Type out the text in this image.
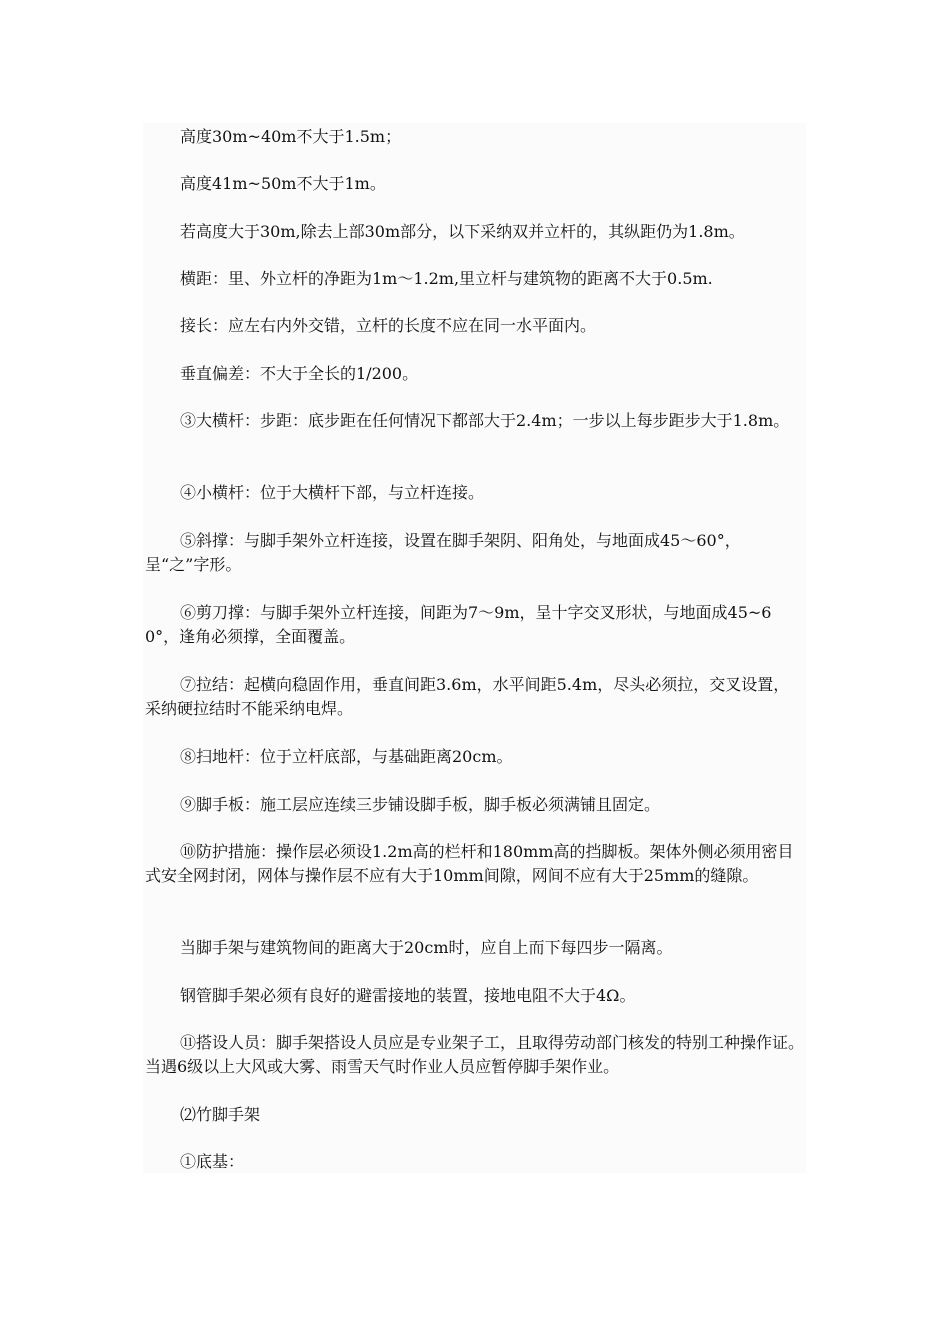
高度30m~40m不大于1.5m；

高度41m~50m不大于1m。

若高度大于30m,除去上部30m部分，以下采纳双并立杆的，其纵距仍为1.8m。

横距：里、外立杆的净距为1m～1.2m,里立杆与建筑物的距离不大于0.5m.

接长：应左右内外交错，立杆的长度不应在同一水平面内。

垂直偏差：不大于全长的1/200。

③大横杆：步距：底步距在任何情况下都部大于2.4m；一步以上每步距步大于1.8m。

④小横杆：位于大横杆下部，与立杆连接。

⑤斜撑：与脚手架外立杆连接，设置在脚手架阴、阳角处，与地面成45～60°，呈“之”字形。

⑥剪刀撑：与脚手架外立杆连接，间距为7～9m，呈十字交叉形状，与地面成45~60°，逢角必须撑，全面覆盖。

⑦拉结：起横向稳固作用，垂直间距3.6m，水平间距5.4m，尽头必须拉，交叉设置，采纳硬拉结时不能采纳电焊。

⑧扫地杆：位于立杆底部，与基础距离20cm。

⑨脚手板：施工层应连续三步铺设脚手板，脚手板必须满铺且固定。

⑩防护措施：操作层必须设1.2m高的栏杆和180mm高的挡脚板。架体外侧必须用密目式安全网封闭，网体与操作层不应有大于10mm间隙，网间不应有大于25mm的缝隙。

当脚手架与建筑物间的距离大于20cm时，应自上而下每四步一隔离。

钢管脚手架必须有良好的避雷接地的装置，接地电阻不大于4Ω。

⑪搭设人员：脚手架搭设人员应是专业架子工，且取得劳动部门核发的特别工种操作证。当遇6级以上大风或大雾、雨雪天气时作业人员应暂停脚手架作业。

⑵竹脚手架

①底基：
